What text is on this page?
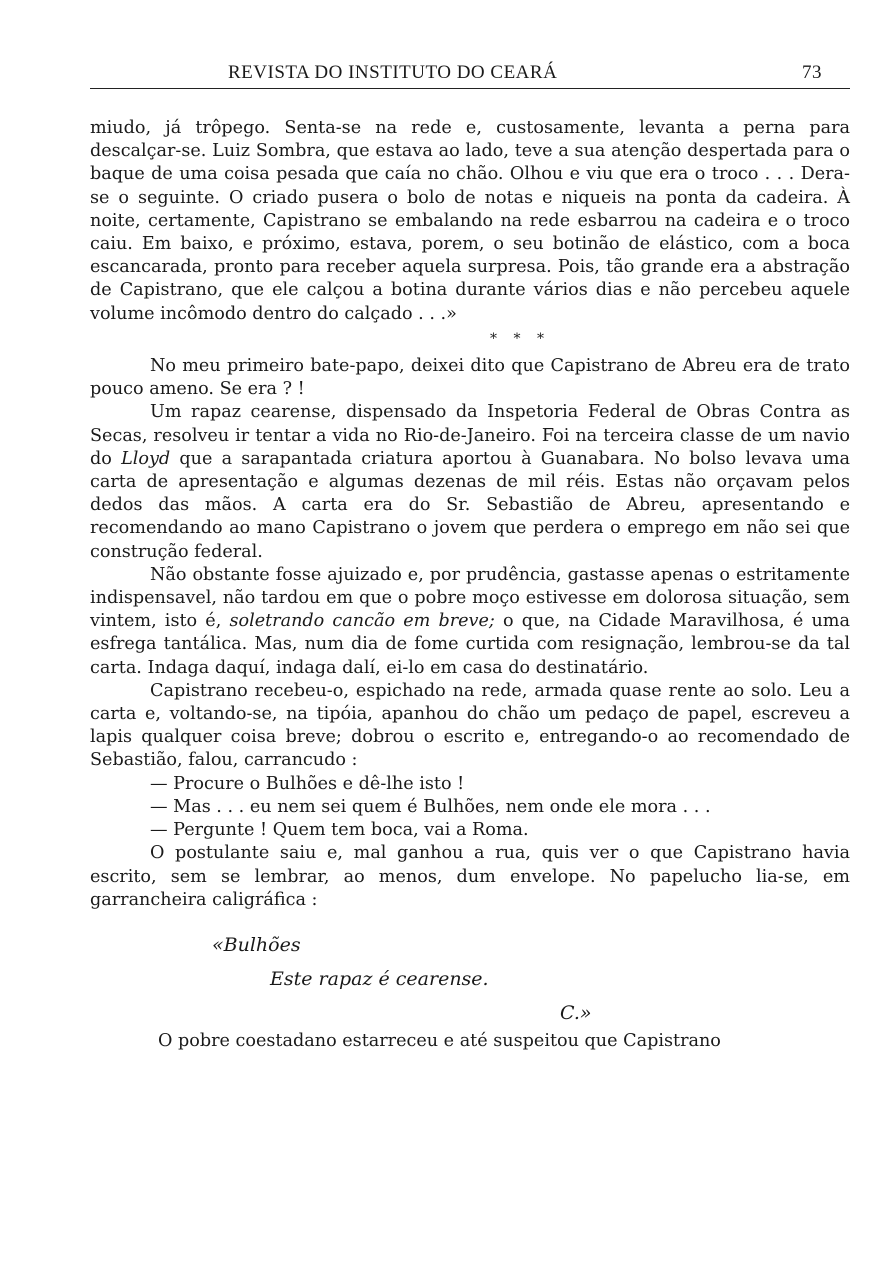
REVISTA DO INSTITUTO DO CEARÁ	73

miudo, já trôpego. Senta-se na rede e, custosamente, levanta a perna para descalçar-se. Luiz Sombra, que estava ao lado, teve a sua atenção despertada para o baque de uma coisa pesada que caía no chão. Olhou e viu que era o troco . . . Dera-se o seguinte. O criado pusera o bolo de notas e niqueis na ponta da cadeira. À noite, certamente, Capistrano se embalando na rede esbarrou na cadeira e o troco caiu. Em baixo, e próximo, estava, porem, o seu botinão de elástico, com a boca escancarada, pronto para receber aquela surpresa. Pois, tão grande era a abstração de Capistrano, que ele calçou a botina durante vários dias e não percebeu aquele volume incômodo dentro do calçado . . .»

* * *

No meu primeiro bate-papo, deixei dito que Capistrano de Abreu era de trato pouco ameno. Se era ? !

Um rapaz cearense, dispensado da Inspetoria Federal de Obras Contra as Secas, resolveu ir tentar a vida no Rio-de-Janeiro. Foi na terceira classe de um navio do Lloyd que a sarapantada criatura aportou à Guanabara. No bolso levava uma carta de apresentação e algumas dezenas de mil réis. Estas não orçavam pelos dedos das mãos. A carta era do Sr. Sebastião de Abreu, apresentando e recomendando ao mano Capistrano o jovem que perdera o emprego em não sei que construção federal.

Não obstante fosse ajuizado e, por prudência, gastasse apenas o estritamente indispensavel, não tardou em que o pobre moço estivesse em dolorosa situação, sem vintem, isto é, soletrando cancão em breve; o que, na Cidade Maravilhosa, é uma esfrega tantálica. Mas, num dia de fome curtida com resignação, lembrou-se da tal carta. Indaga daquí, indaga dalí, ei-lo em casa do destinatário.

Capistrano recebeu-o, espichado na rede, armada quase rente ao solo. Leu a carta e, voltando-se, na tipóia, apanhou do chão um pedaço de papel, escreveu a lapis qualquer coisa breve; dobrou o escrito e, entregando-o ao recomendado de Sebastião, falou, carrancudo :

— Procure o Bulhões e dê-lhe isto !

— Mas . . . eu nem sei quem é Bulhões, nem onde ele mora . . .

— Pergunte ! Quem tem boca, vai a Roma.

O postulante saiu e, mal ganhou a rua, quis ver o que Capistrano havia escrito, sem se lembrar, ao menos, dum envelope. No papelucho lia-se, em garrancheira caligráfica :

«Bulhões
Este rapaz é cearense.
C.»

O pobre coestadano estarreceu e até suspeitou que Capistrano
